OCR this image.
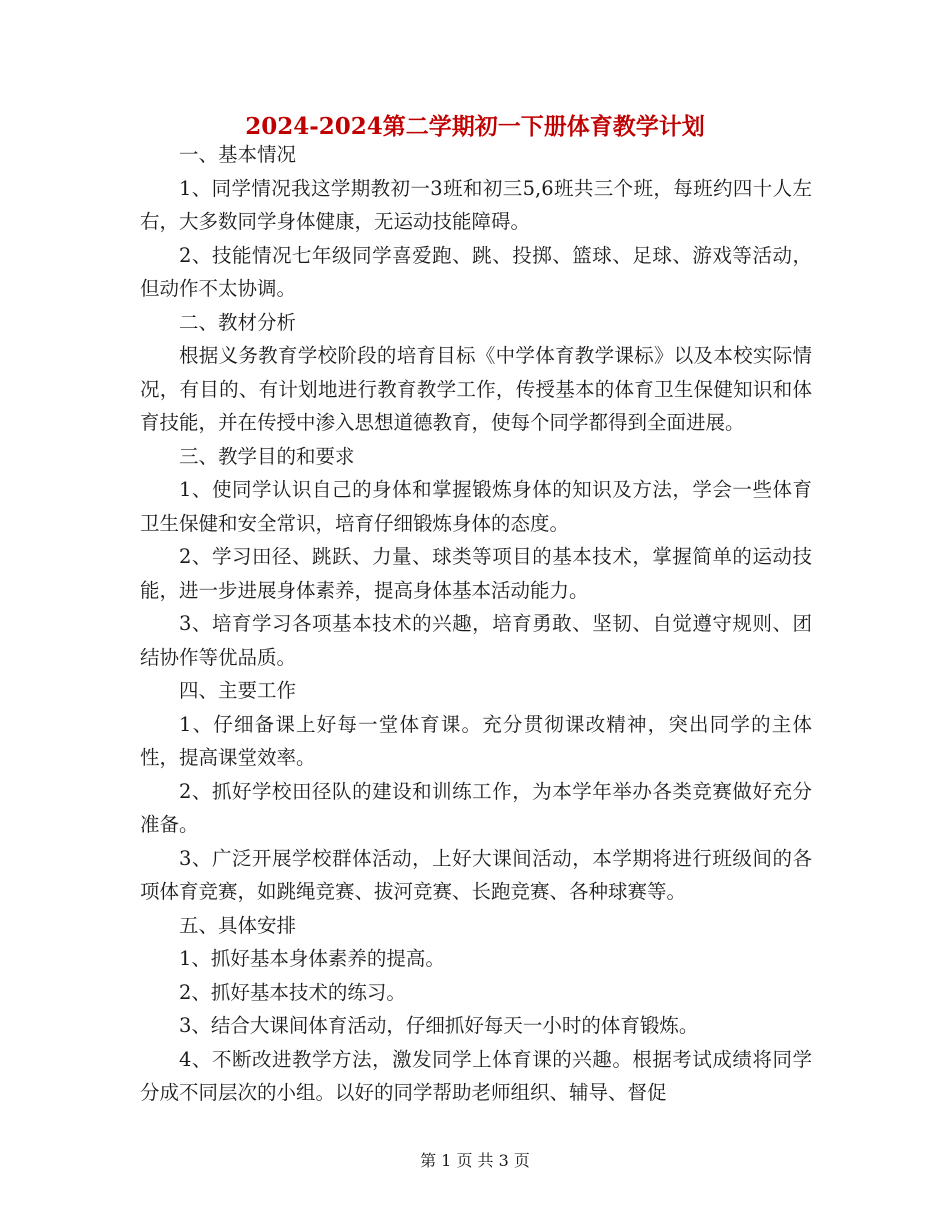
2024-2024第二学期初一下册体育教学计划

一、基本情况

1、同学情况我这学期教初一3班和初三5,6班共三个班，每班约四十人左右，大多数同学身体健康，无运动技能障碍。

2、技能情况七年级同学喜爱跑、跳、投掷、篮球、足球、游戏等活动，但动作不太协调。

二、教材分析

根据义务教育学校阶段的培育目标《中学体育教学课标》以及本校实际情况，有目的、有计划地进行教育教学工作，传授基本的体育卫生保健知识和体育技能，并在传授中渗入思想道德教育，使每个同学都得到全面进展。

三、教学目的和要求

1、使同学认识自己的身体和掌握锻炼身体的知识及方法，学会一些体育卫生保健和安全常识，培育仔细锻炼身体的态度。

2、学习田径、跳跃、力量、球类等项目的基本技术，掌握简单的运动技能，进一步进展身体素养，提高身体基本活动能力。

3、培育学习各项基本技术的兴趣，培育勇敢、坚韧、自觉遵守规则、团结协作等优品质。

四、主要工作

1、仔细备课上好每一堂体育课。充分贯彻课改精神，突出同学的主体性，提高课堂效率。

2、抓好学校田径队的建设和训练工作，为本学年举办各类竞赛做好充分准备。

3、广泛开展学校群体活动，上好大课间活动，本学期将进行班级间的各项体育竞赛，如跳绳竞赛、拔河竞赛、长跑竞赛、各种球赛等。

五、具体安排

1、抓好基本身体素养的提高。

2、抓好基本技术的练习。

3、结合大课间体育活动，仔细抓好每天一小时的体育锻炼。

4、不断改进教学方法，激发同学上体育课的兴趣。根据考试成绩将同学分成不同层次的小组。以好的同学帮助老师组织、辅导、督促

第 1 页 共 3 页
